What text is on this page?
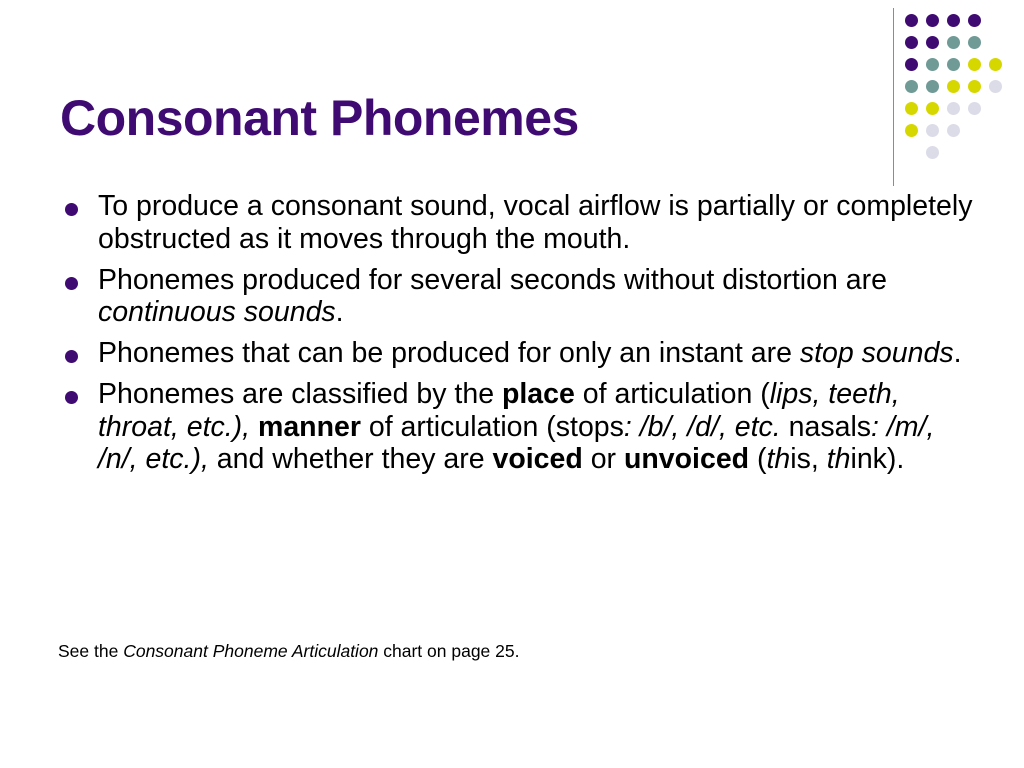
Consonant Phonemes
To produce a consonant sound, vocal airflow is partially or completely obstructed as it moves through the mouth.
Phonemes produced for several seconds without distortion are continuous sounds.
Phonemes that can be produced for only an instant are stop sounds.
Phonemes are classified by the place of articulation (lips, teeth, throat, etc.), manner of articulation (stops: /b/, /d/, etc. nasals: /m/, /n/, etc.), and whether they are voiced or unvoiced (this, think).
See the Consonant Phoneme Articulation chart on page 25.
